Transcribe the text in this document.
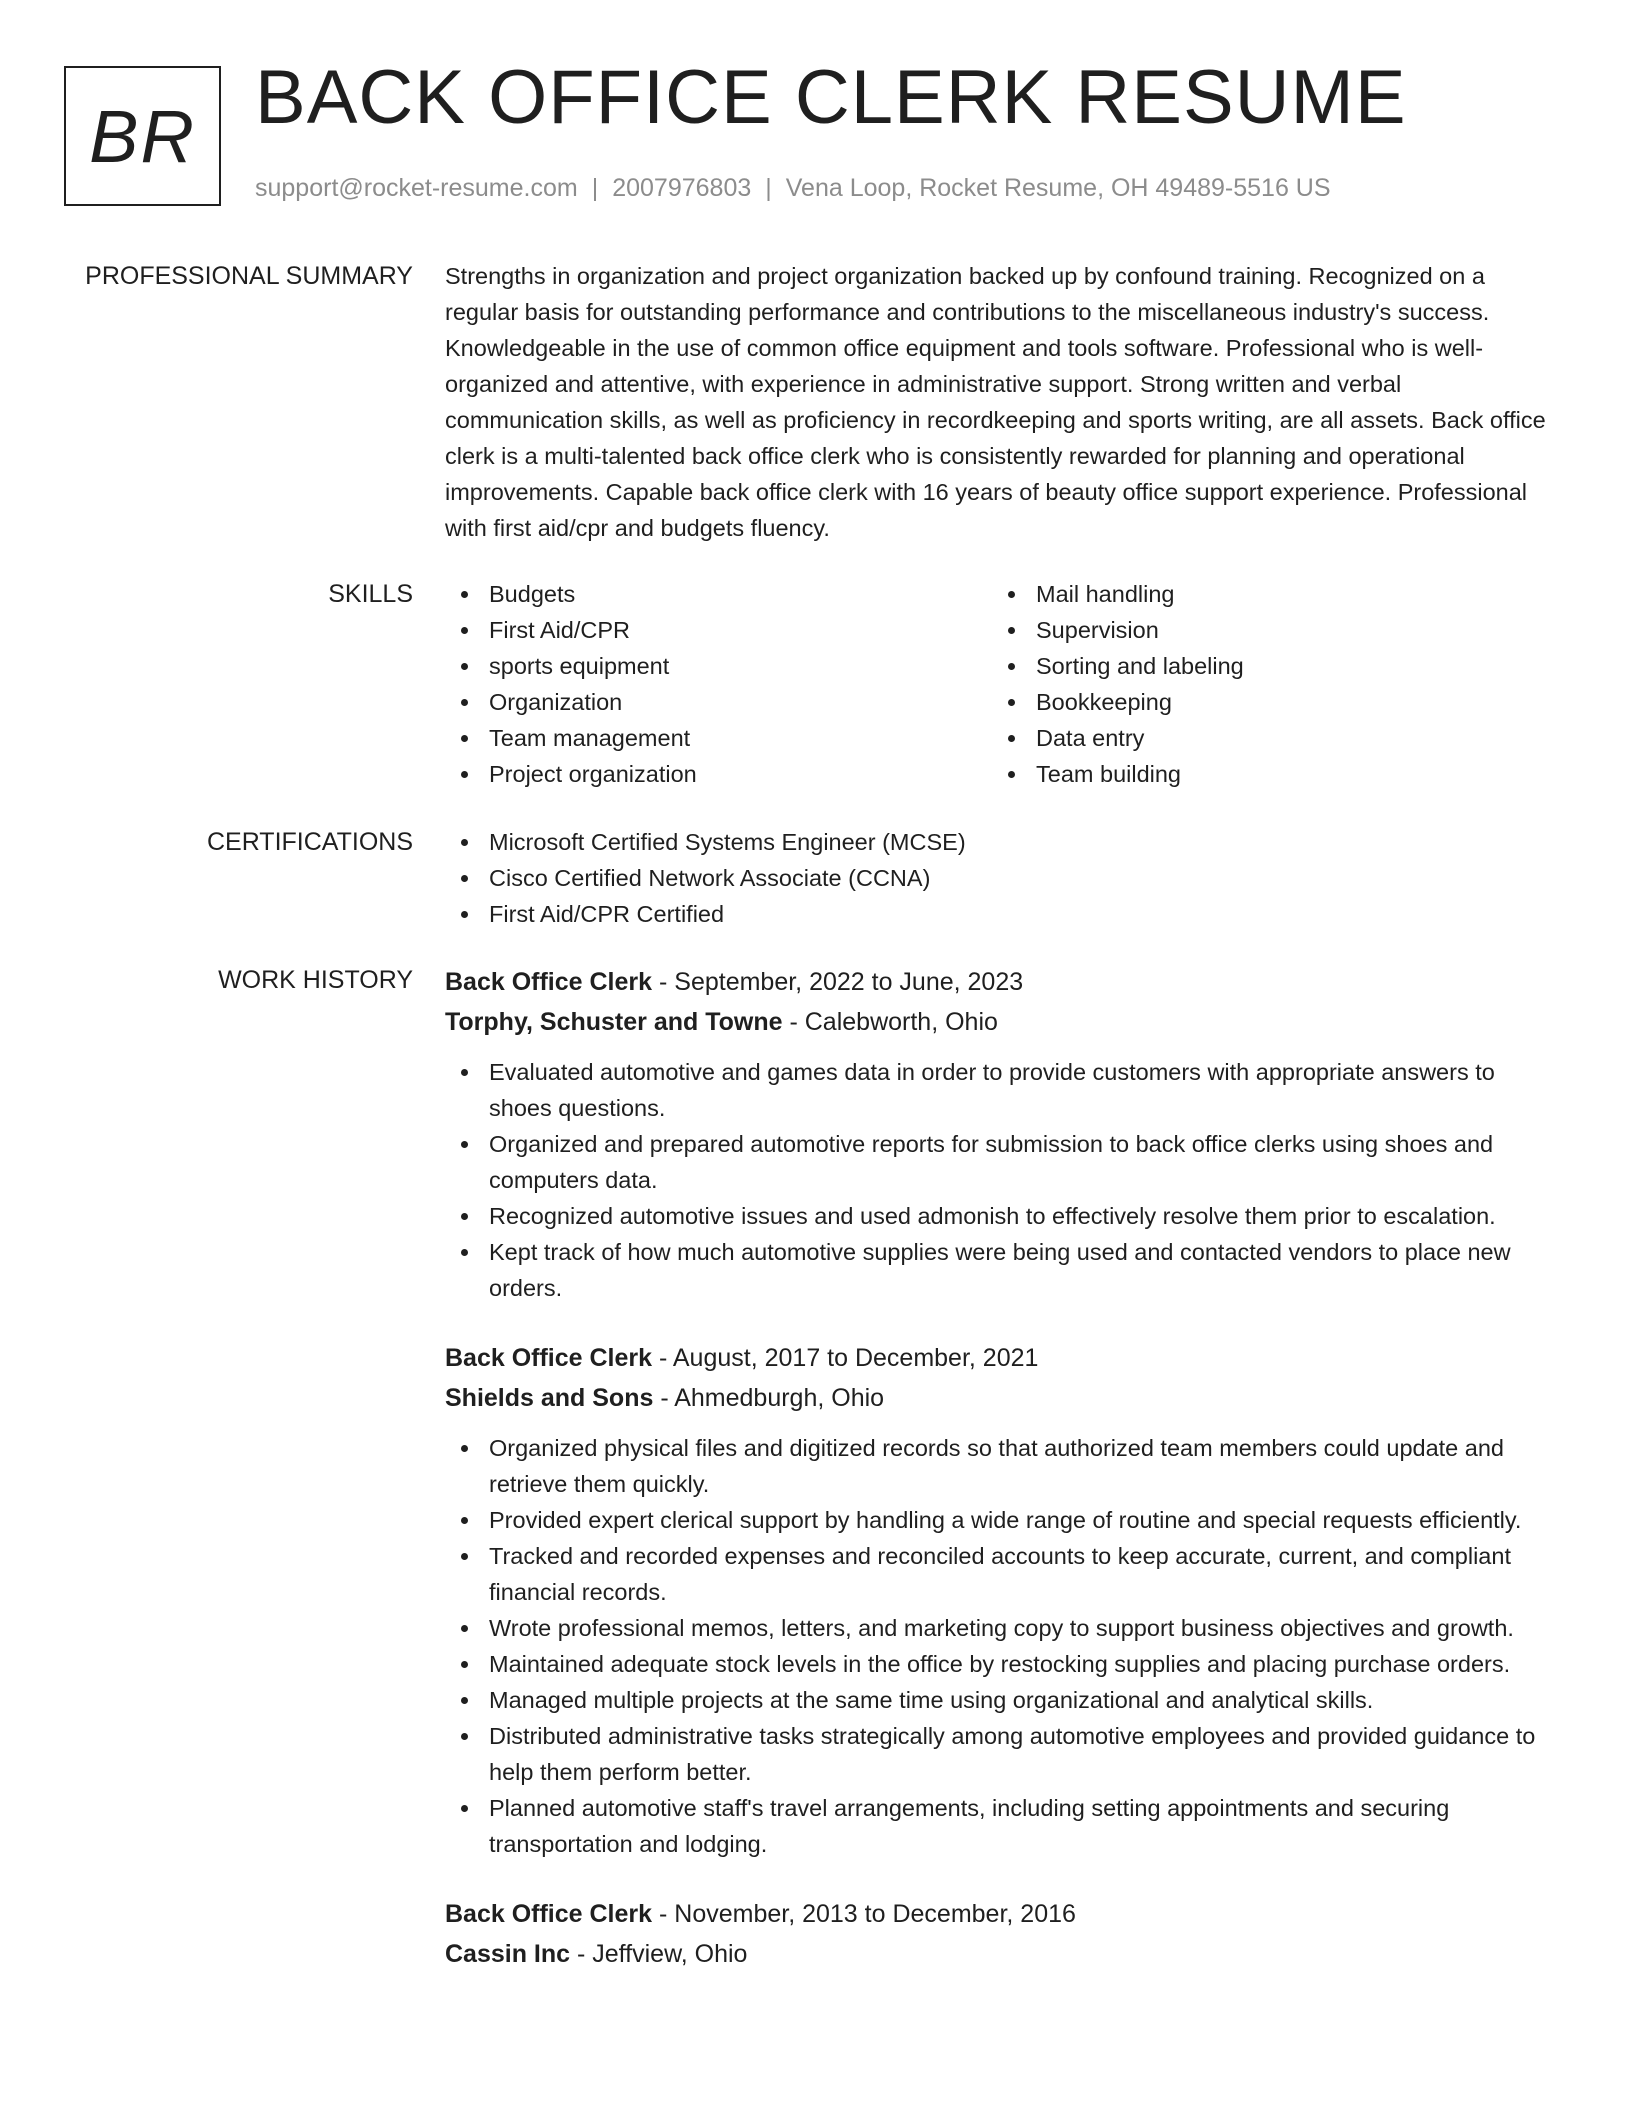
BR BACK OFFICE CLERK RESUME
support@rocket-resume.com | 2007976803 | Vena Loop, Rocket Resume, OH 49489-5516 US
PROFESSIONAL SUMMARY Strengths in organization and project organization backed up by confound training. Recognized on a regular basis for outstanding performance and contributions to the miscellaneous industry's success. Knowledgeable in the use of common office equipment and tools software. Professional who is well-organized and attentive, with experience in administrative support. Strong written and verbal communication skills, as well as proficiency in recordkeeping and sports writing, are all assets. Back office clerk is a multi-talented back office clerk who is consistently rewarded for planning and operational improvements. Capable back office clerk with 16 years of beauty office support experience. Professional with first aid/cpr and budgets fluency.

SKILLS	Budgets
First Aid/CPR
sports equipment
Organization
Team management
Project organization
Mail handling
Supervision
Sorting and labeling
Bookkeeping
Data entry
Team building
CERTIFICATIONS	Microsoft Certified Systems Engineer (MCSE)
Cisco Certified Network Associate (CCNA)
First Aid/CPR Certified
WORK HISTORY Back Office Clerk - September, 2022 to June, 2023
Torphy, Schuster and Towne - Calebworth, Ohio
Evaluated automotive and games data in order to provide customers with appropriate answers to shoes questions.
Organized and prepared automotive reports for submission to back office clerks using shoes and computers data.
Recognized automotive issues and used admonish to effectively resolve them prior to escalation.
Kept track of how much automotive supplies were being used and contacted vendors to place new orders.
Back Office Clerk - August, 2017 to December, 2021
Shields and Sons - Ahmedburgh, Ohio
Organized physical files and digitized records so that authorized team members could update and retrieve them quickly.
Provided expert clerical support by handling a wide range of routine and special requests efficiently.
Tracked and recorded expenses and reconciled accounts to keep accurate, current, and compliant financial records.
Wrote professional memos, letters, and marketing copy to support business objectives and growth.
Maintained adequate stock levels in the office by restocking supplies and placing purchase orders.
Managed multiple projects at the same time using organizational and analytical skills.
Distributed administrative tasks strategically among automotive employees and provided guidance to help them perform better.
Planned automotive staff's travel arrangements, including setting appointments and securing transportation and lodging.
Back Office Clerk - November, 2013 to December, 2016
Cassin Inc - Jeffview, Ohio
